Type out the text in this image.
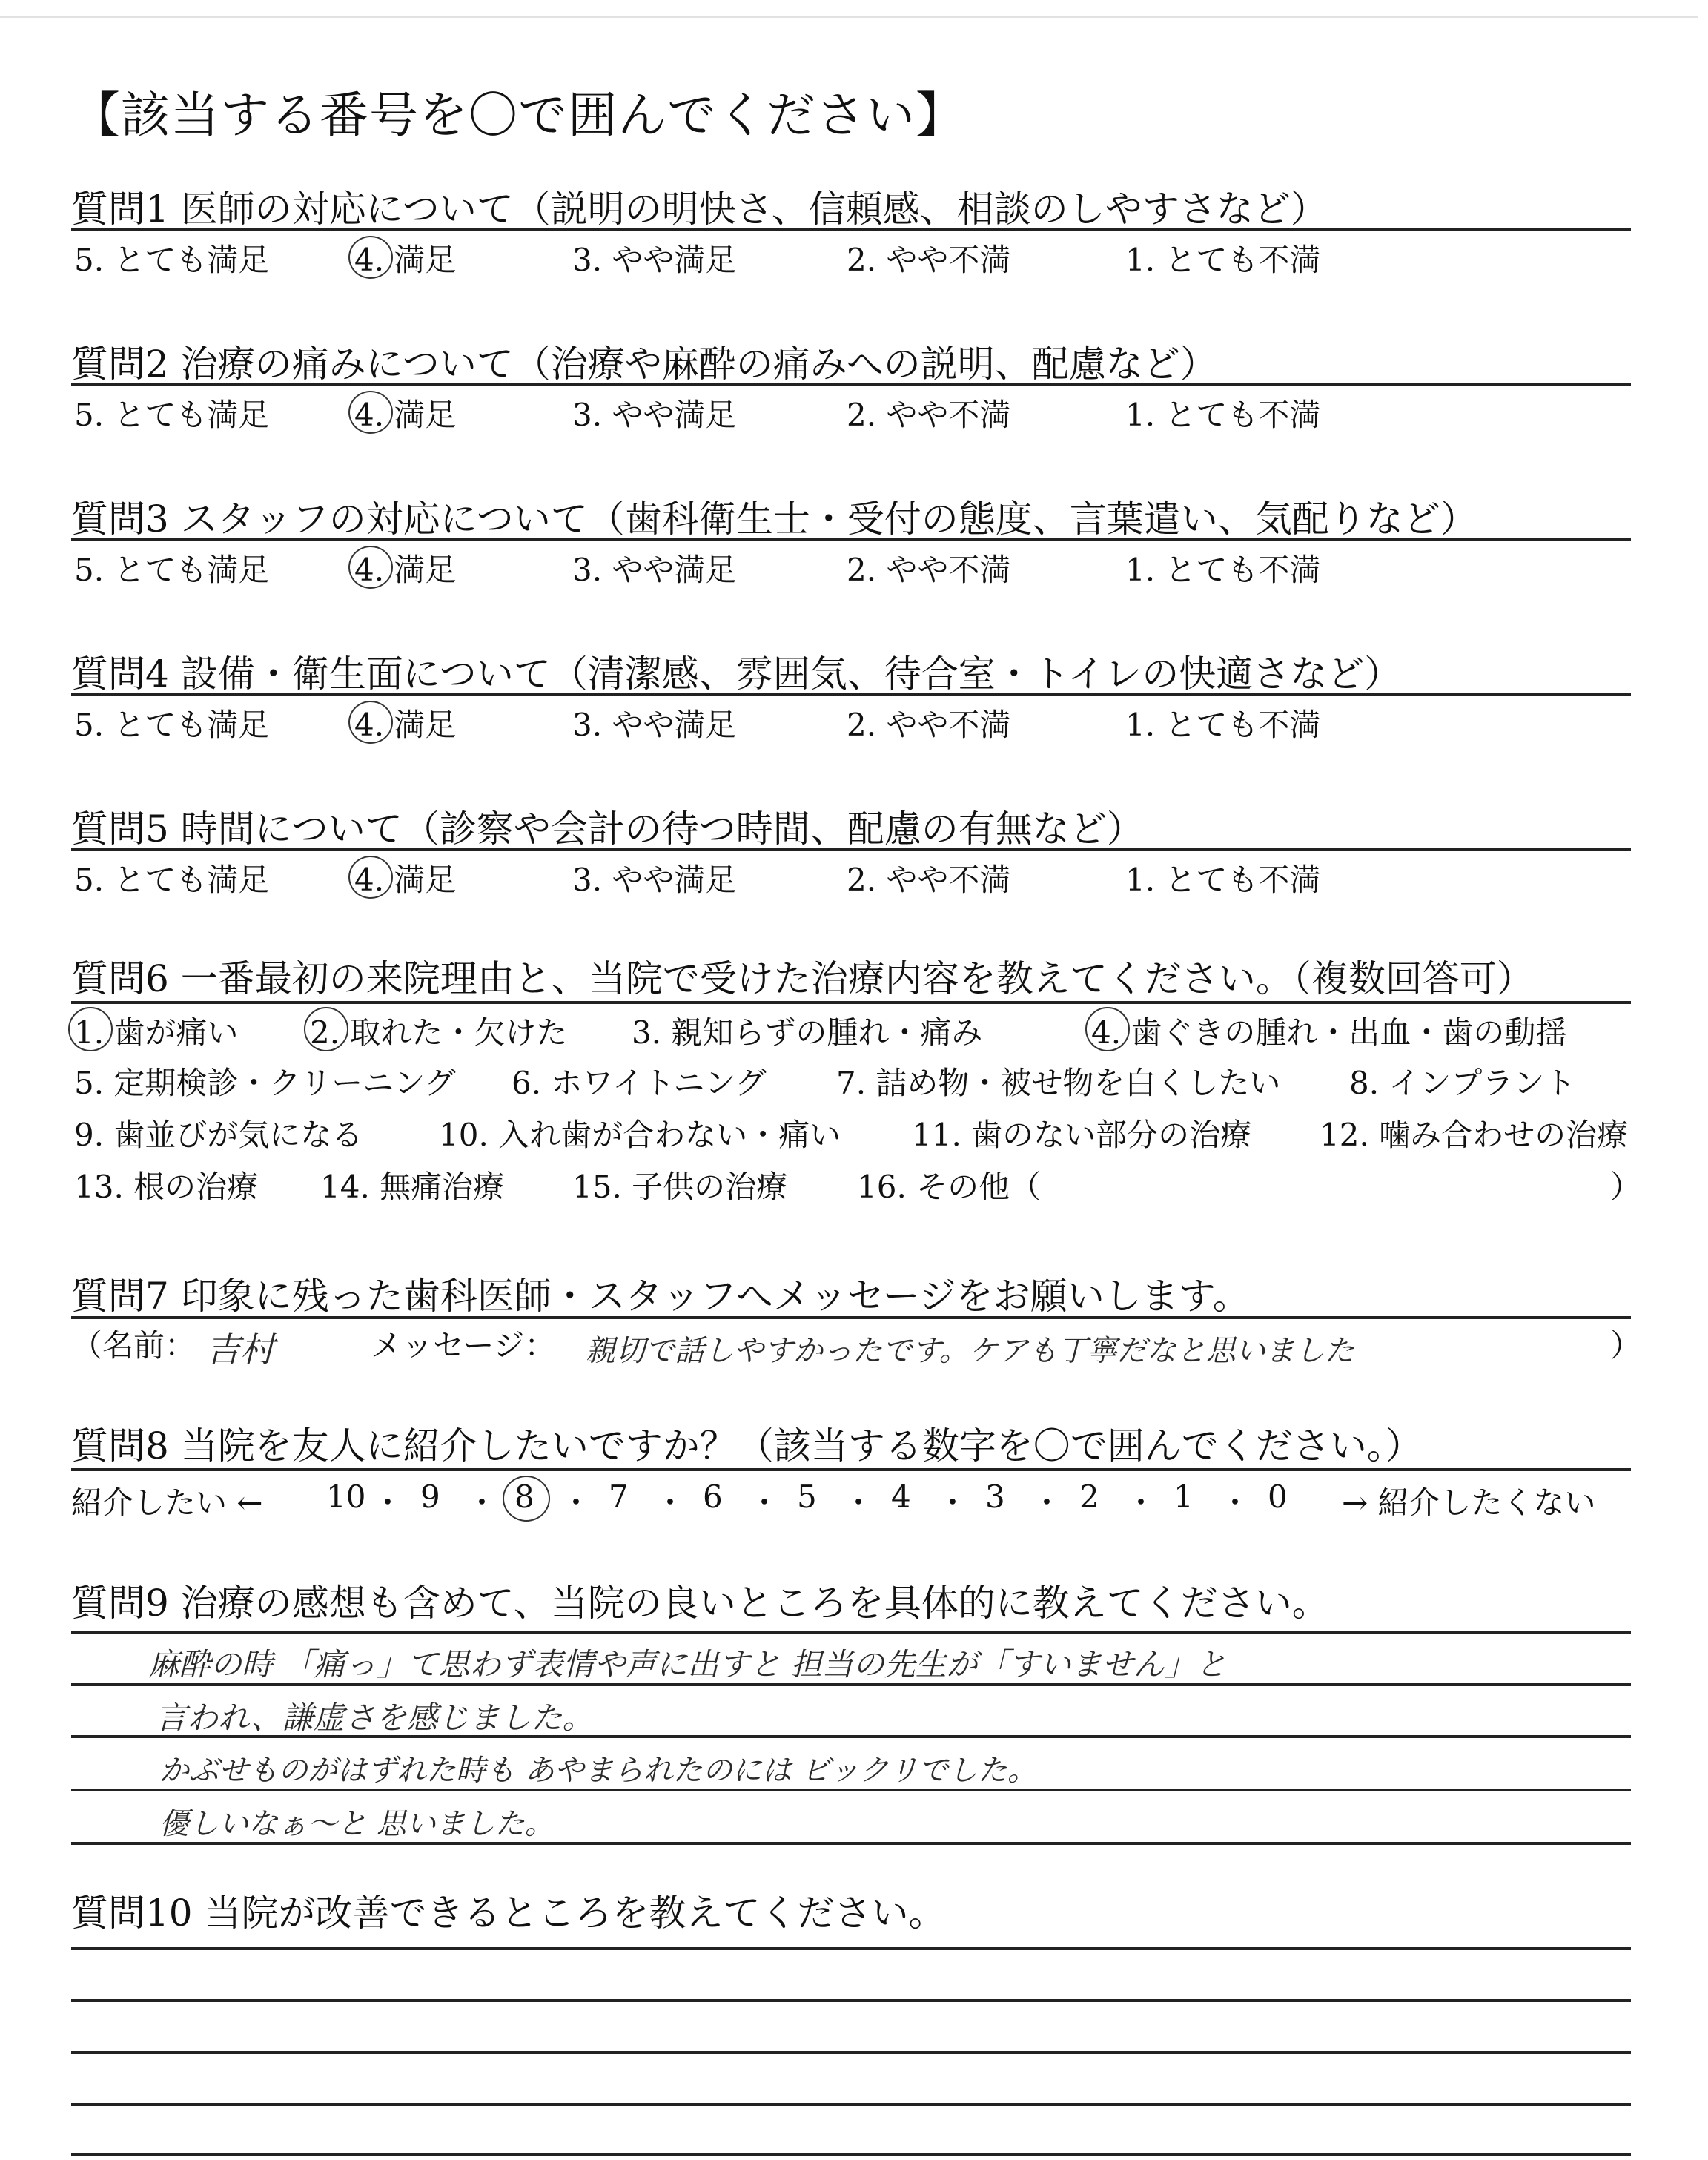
【該当する番号を〇で囲んでください】
質問1 医師の対応について（説明の明快さ、信頼感、相談のしやすさなど）
5. とても満足	4. 満足	3. やや満足	2. やや不満	1. とても不満
質問2 治療の痛みについて（治療や麻酔の痛みへの説明、配慮など）
5. とても満足	4. 満足	3. やや満足	2. やや不満	1. とても不満
質問3 スタッフの対応について（歯科衛生士・受付の態度、言葉遣い、気配りなど）
5. とても満足	4. 満足	3. やや満足	2. やや不満	1. とても不満
質問4 設備・衛生面について（清潔感、雰囲気、待合室・トイレの快適さなど）
5. とても満足	4. 満足	3. やや満足	2. やや不満	1. とても不満
質問5 時間について（診察や会計の待つ時間、配慮の有無など）
5. とても満足	4. 満足	3. やや満足	2. やや不満	1. とても不満
質問6 一番最初の来院理由と、当院で受けた治療内容を教えてください。（複数回答可）
1. 歯が痛い 2. 取れた・欠けた 3. 親知らずの腫れ・痛み	4. 歯ぐきの腫れ・出血・歯の動揺
5. 定期検診・クリーニング 6. ホワイトニング 7. 詰め物・被せ物を白くしたい 8. インプラント
9. 歯並びが気になる 10. 入れ歯が合わない・痛い 11. 歯のない部分の治療 12. 噛み合わせの治療
13. 根の治療 14. 無痛治療 15. 子供の治療 16. その他（	）
質問7 印象に残った歯科医師・スタッフへメッセージをお願いします。
（名前： 吉村	メッセージ： 親切で話しやすかったです。ケアも丁寧だなと思いました	）
質問8 当院を友人に紹介したいですか？（該当する数字を〇で囲んでください。）
紹介したい ←	→ 紹介したくない
10 ・ 9 ・ 8 ・ 7 ・ 6 ・ 5 ・ 4 ・ 3 ・ 2 ・ 1 ・ 0
質問9 治療の感想も含めて、当院の良いところを具体的に教えてください。
麻酔の時 「痛っ」て思わず表情や声に出すと 担当の先生が「すいません」と
言われ、謙虚さを感じました。
かぶせものがはずれた時も あやまられたのには ビックリでした。
優しいなぁ～と 思いました。
質問10 当院が改善できるところを教えてください。
